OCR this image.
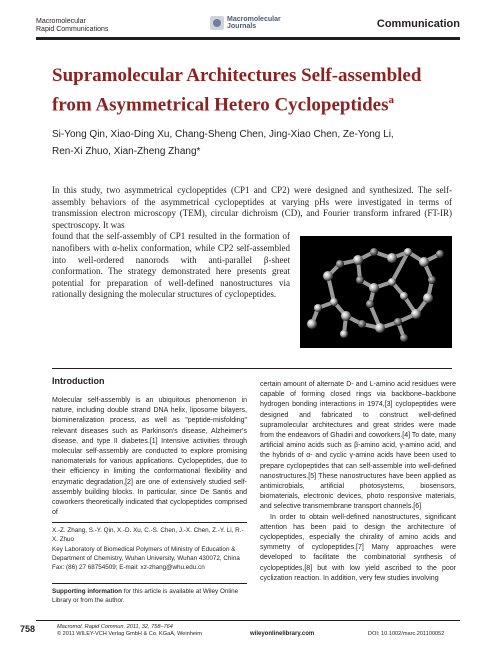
Macromolecular
Rapid Communications
Macromolecular
Journals	Communication
Supramolecular Architectures Self-assembled
from Asymmetrical Hetero Cyclopeptides$^a$
Si-Yong Qin, Xiao-Ding Xu, Chang-Sheng Chen, Jing-Xiao Chen, Ze-Yong Li,
Ren-Xi Zhuo, Xian-Zheng Zhang*

In this study, two asymmetrical cyclopeptides (CP1 and CP2) were designed and synthesized. The self-assembly behaviors of the asymmetrical cyclopeptides at varying pHs were investigated in terms of transmission electron microscopy (TEM), circular dichroism (CD), and Fourier transform infrared (FT-IR) spectroscopy. It was

found that the self-assembly of CP1 resulted in the formation of nanofibers with α-helix conformation, while CP2 self-assembled into well-ordered nanorods with anti-parallel β-sheet conformation. The strategy demonstrated here presents great potential for preparation of well-defined nanostructures via rationally designing the molecular structures of cyclopeptides.

Introduction

Molecular self-assembly is an ubiquitous phenomenon in nature, including double strand DNA helix, liposome bilayers, biomineralization process, as well as "peptide-misfolding" relevant diseases such as Parkinson's disease, Alzheimer's disease, and type II diabetes.[1] Intensive activities through molecular self-assembly are conducted to explore promising nanomaterials for various applications. Cyclopeptides, due to their efficiency in limiting the conformational flexibility and enzymatic degradation,[2] are one of extensively studied self-assembly building blocks. In particular, since De Santis and coworkers theoretically indicated that cyclopeptides comprised of

certain amount of alternate D- and L-amino acid residues were capable of forming closed rings via backbone–backbone hydrogen bonding interactions in 1974,[3] cyclopeptides were designed and fabricated to construct well-defined supramolecular architectures and great strides were made from the endeavors of Ghadiri and coworkers.[4] To date, many artificial amino acids such as β-amino acid, γ-amino acid, and the hybrids of α- and cyclic γ-amino acids have been used to prepare cyclopeptides that can self-assemble into well-defined nanostructures.[5] These nanostructures have been applied as antimicrobials, artificial photosystems, biosensors, biomaterials, electronic devices, photo responsive materials, and selective transmembrane transport channels.[6]

In order to obtain well-defined nanostructures, significant attention has been paid to design the architecture of cyclopeptides, especially the chirality of amino acids and symmetry of cyclopeptides.[7] Many approaches were developed to facilitate the combinatorial synthesis of cyclopeptides,[8] but with low yield ascribed to the poor cyclization reaction. In addition, very few studies involving

X.-Z. Zhang, S.-Y. Qin, X.-D. Xu, C.-S. Chen, J.-X. Chen, Z.-Y. Li, R.-X. Zhuo
Key Laboratory of Biomedical Polymers of Ministry of Education & Department of Chemistry, Wuhan University, Wuhan 430072, China
Fax: (86) 27 68754509; E-mail: xz-zhang@whu.edu.cn
Supporting information for this article is available at Wiley Online Library or from the author.
758	Macromol. Rapid Commun. 2011, 32, 758–764
© 2011 WILEY-VCH Verlag GmbH & Co. KGaA, Weinheim	wileyonlinelibrary.com	DOI: 10.1002/marc.201100052
